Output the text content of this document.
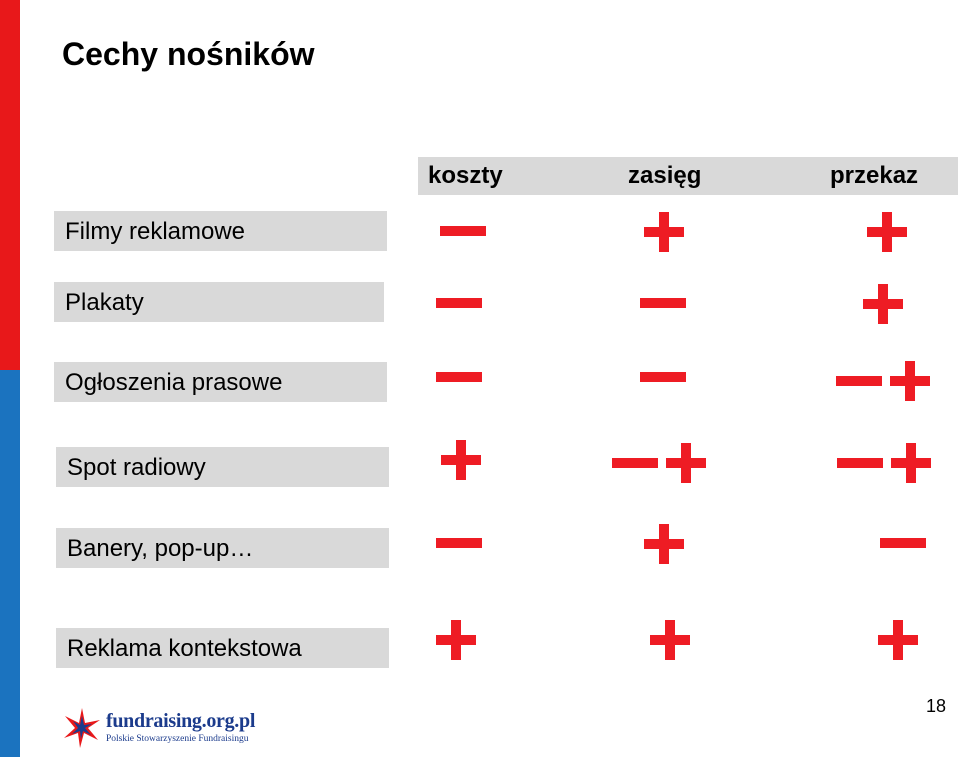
Cechy nośników
koszty	zasięg	przekaz
Filmy reklamowe
Plakaty
Ogłoszenia prasowe
Spot radiowy
Banery, pop-up…
Reklama kontekstowa
fundraising.org.pl
Polskie Stowarzyszenie Fundraisingu
18
